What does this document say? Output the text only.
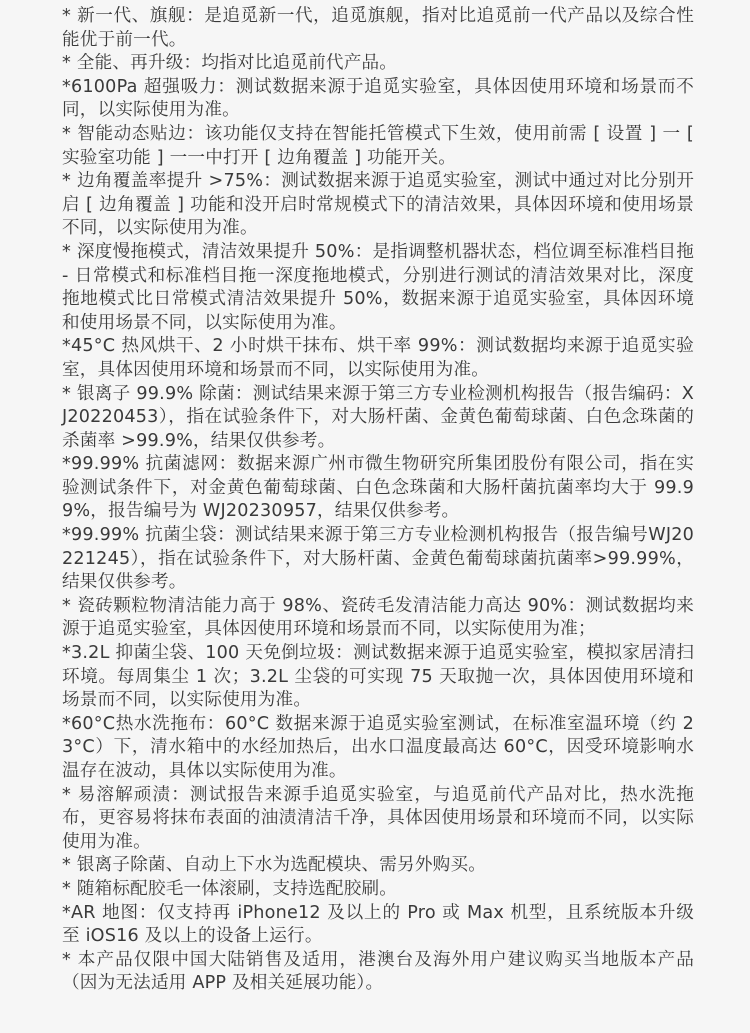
* 新一代、旗舰：是追觅新一代，追觅旗舰，指对比追觅前一代产品以及综合性能优于前一代。

* 全能、再升级：均指对比追觅前代产品。

*6100Pa 超强吸力：测试数据来源于追觅实验室，具体因使用环境和场景而不同，以实际使用为准。

* 智能动态贴边：该功能仅支持在智能托管模式下生效，使用前需 [ 设置 ] 一 [ 实验室功能 ] 一一中打开 [ 边角覆盖 ] 功能开关。

* 边角覆盖率提升 >75%：测试数据来源于追觅实验室，测试中通过对比分别开启 [ 边角覆盖 ] 功能和没开启时常规模式下的清洁效果，具体因环境和使用场景不同，以实际使用为准。

* 深度慢拖模式，清洁效果提升 50%：是指调整机器状态，档位调至标准档目拖 - 日常模式和标准档目拖一深度拖地模式，分别进行测试的清洁效果对比，深度拖地模式比日常模式清洁效果提升 50%，数据来源于追觅实验室，具体因环境和使用场景不同，以实际使用为准。

*45°C 热风烘干、2 小时烘干抹布、烘干率 99%：测试数据均来源于追觅实验室，具体因使用环境和场景而不同，以实际使用为准。

* 银离子 99.9% 除菌：测试结果来源于第三方专业检测机构报告（报告编码：XJ20220453），指在试验条件下，对大肠杆菌、金黄色葡萄球菌、白色念珠菌的杀菌率 >99.9%，结果仅供参考。

*99.99% 抗菌滤网：数据来源广州市微生物研究所集团股份有限公司，指在实验测试条件下，对金黄色葡萄球菌、白色念珠菌和大肠杆菌抗菌率均大于 99.99%，报告编号为 WJ20230957，结果仅供参考。

*99.99% 抗菌尘袋：测试结果来源于第三方专业检测机构报告（报告编号WJ20221245），指在试验条件下，对大肠杆菌、金黄色葡萄球菌抗菌率>99.99%，结果仅供参考。

* 瓷砖颗粒物清洁能力高于 98%、瓷砖毛发清洁能力高达 90%：测试数据均来源于追觅实验室，具体因使用环境和场景而不同，以实际使用为准；

*3.2L 抑菌尘袋、100 天免倒垃圾：测试数据来源于追觅实验室，模拟家居清扫环境。每周集尘 1 次；3.2L 尘袋的可实现 75 天取抛一次，具体因使用环境和场景而不同，以实际使用为准。

*60°C热水洗拖布：60°C 数据来源于追觅实验室测试，在标准室温环境（约 23°C）下，清水箱中的水经加热后，出水口温度最高达 60°C，因受环境影响水温存在波动，具体以实际使用为准。

* 易溶解顽渍：测试报告来源手追觅实验室，与追觅前代产品对比，热水洗拖布，更容易将抹布表面的油渍清洁千净，具体因使用场景和环境而不同，以实际使用为准。

* 银离子除菌、自动上下水为选配模块、需另外购买。

* 随箱标配胶毛一体滚刷，支持选配胶刷。

*AR 地图：仅支持再 iPhone12 及以上的 Pro 或 Max 机型，且系统版本升级至 iOS16 及以上的设备上运行。

* 本产品仅限中国大陆销售及适用，港澳台及海外用户建议购买当地版本产品（因为无法适用 APP 及相关延展功能）。
